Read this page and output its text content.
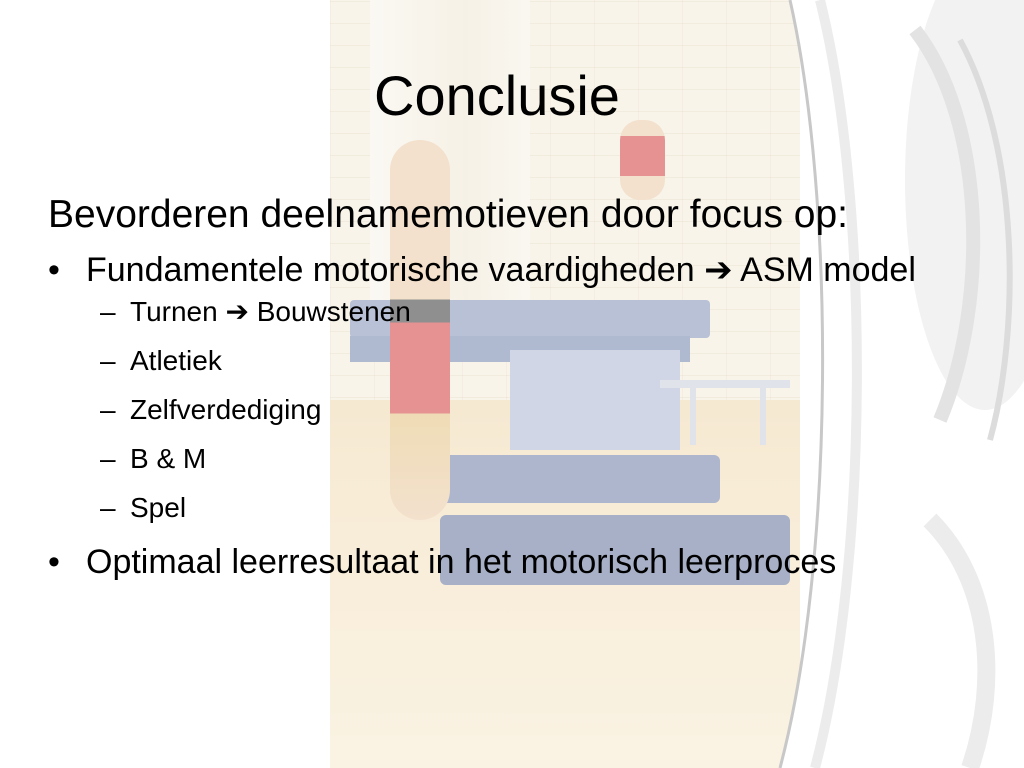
Conclusie

Bevorderen deelnamemotieven door focus op:

• Fundamentele motorische vaardigheden ➔ ASM model
– Turnen ➔ Bouwstenen
– Atletiek
– Zelfverdediging
– B & M
– Spel
• Optimaal leerresultaat in het motorisch leerproces
